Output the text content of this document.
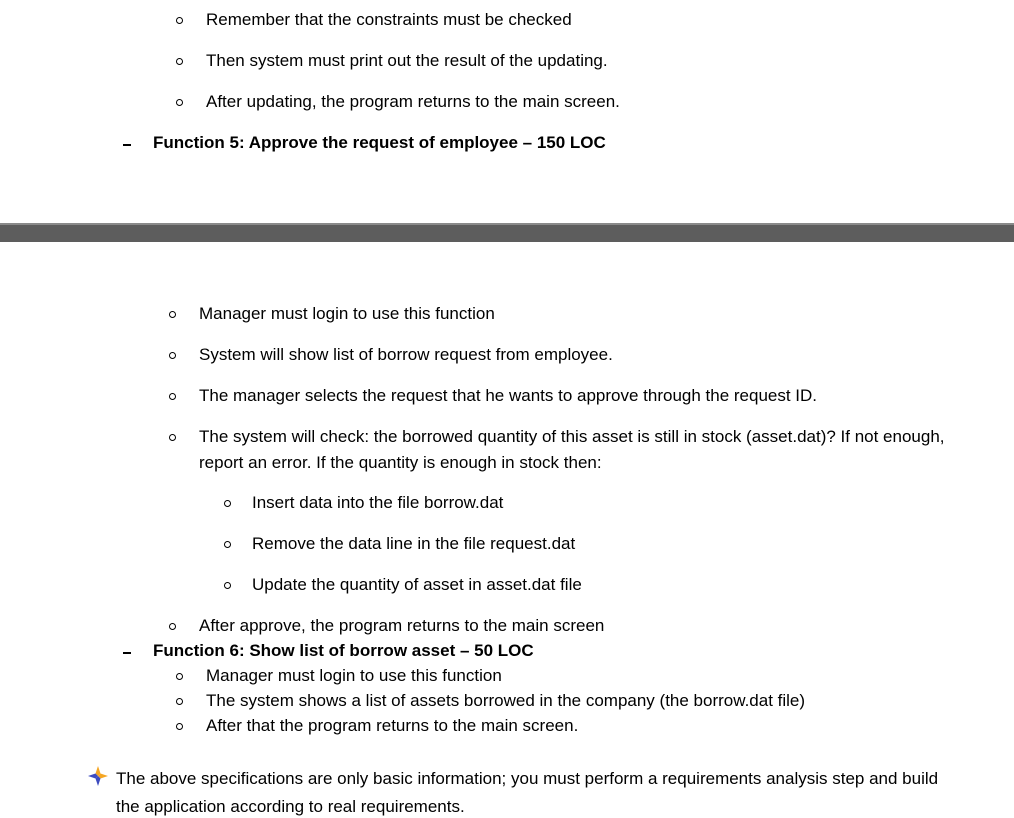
Remember that the constraints must be checked
Then system must print out the result of the updating.
After updating, the program returns to the main screen.
Function 5: Approve the request of employee – 150 LOC
Manager must login to use this function
System will show list of borrow request from employee.
The manager selects the request that he wants to approve through the request ID.
The system will check: the borrowed quantity of this asset is still in stock (asset.dat)? If not enough, report an error. If the quantity is enough in stock then:
Insert data into the file borrow.dat
Remove the data line in the file request.dat
Update the quantity of asset in asset.dat file
After approve, the program returns to the main screen
Function 6: Show list of borrow asset – 50 LOC
Manager must login to use this function
The system shows a list of assets borrowed in the company (the borrow.dat file)
After that the program returns to the main screen.
The above specifications are only basic information; you must perform a requirements analysis step and build the application according to real requirements.
